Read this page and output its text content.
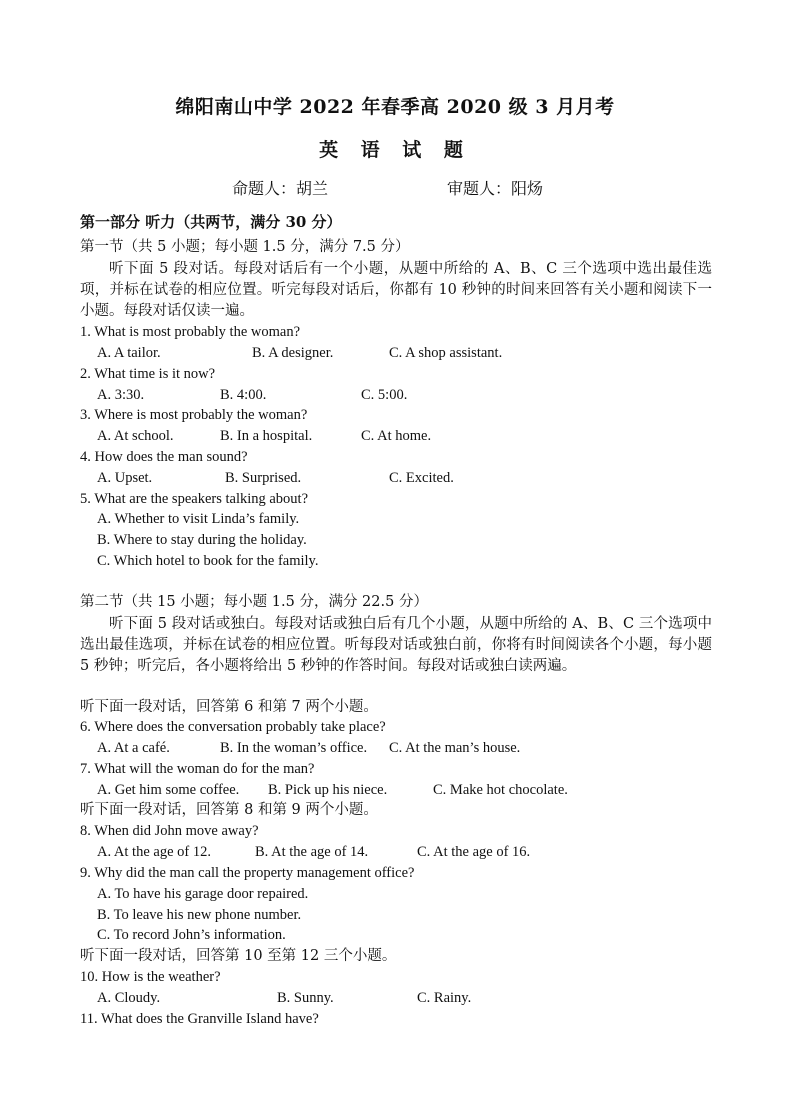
绵阳南山中学 2022 年春季高 2020 级 3 月月考
英 语 试 题
命题人：胡兰	审题人：阳炀
第一部分 听力（共两节，满分 30 分）
第一节（共 5 小题；每小题 1.5 分，满分 7.5 分）
听下面 5 段对话。每段对话后有一个小题，从题中所给的 A、B、C 三个选项中选出最佳选项，并标在试卷的相应位置。听完每段对话后，你都有 10 秒钟的时间来回答有关小题和阅读下一小题。每段对话仅读一遍。
1. What is most probably the woman?
A. A tailor.	B. A designer.	C. A shop assistant.
2. What time is it now?
A. 3:30.	B. 4:00.	C. 5:00.
3. Where is most probably the woman?
A. At school.	B. In a hospital.	C. At home.
4. How does the man sound?
A. Upset.	B. Surprised.	C. Excited.
5. What are the speakers talking about?
A. Whether to visit Linda’s family.
B. Where to stay during the holiday.
C. Which hotel to book for the family.
第二节（共 15 小题；每小题 1.5 分，满分 22.5 分）
听下面 5 段对话或独白。每段对话或独白后有几个小题，从题中所给的 A、B、C 三个选项中选出最佳选项，并标在试卷的相应位置。听每段对话或独白前，你将有时间阅读各个小题，每小题 5 秒钟；听完后，各小题将给出 5 秒钟的作答时间。每段对话或独白读两遍。
听下面一段对话，回答第 6 和第 7 两个小题。
6. Where does the conversation probably take place?
A. At a café.	B. In the woman’s office. C. At the man’s house.
7. What will the woman do for the man?
A. Get him some coffee. B. Pick up his niece.	C. Make hot chocolate.
听下面一段对话，回答第 8 和第 9 两个小题。
8. When did John move away?
A. At the age of 12.	B. At the age of 14.	C. At the age of 16.
9. Why did the man call the property management office?
A. To have his garage door repaired.
B. To leave his new phone number.
C. To record John’s information.
听下面一段对话，回答第 10 至第 12 三个小题。
10. How is the weather?
A. Cloudy.	B. Sunny.	C. Rainy.
11. What does the Granville Island have?
